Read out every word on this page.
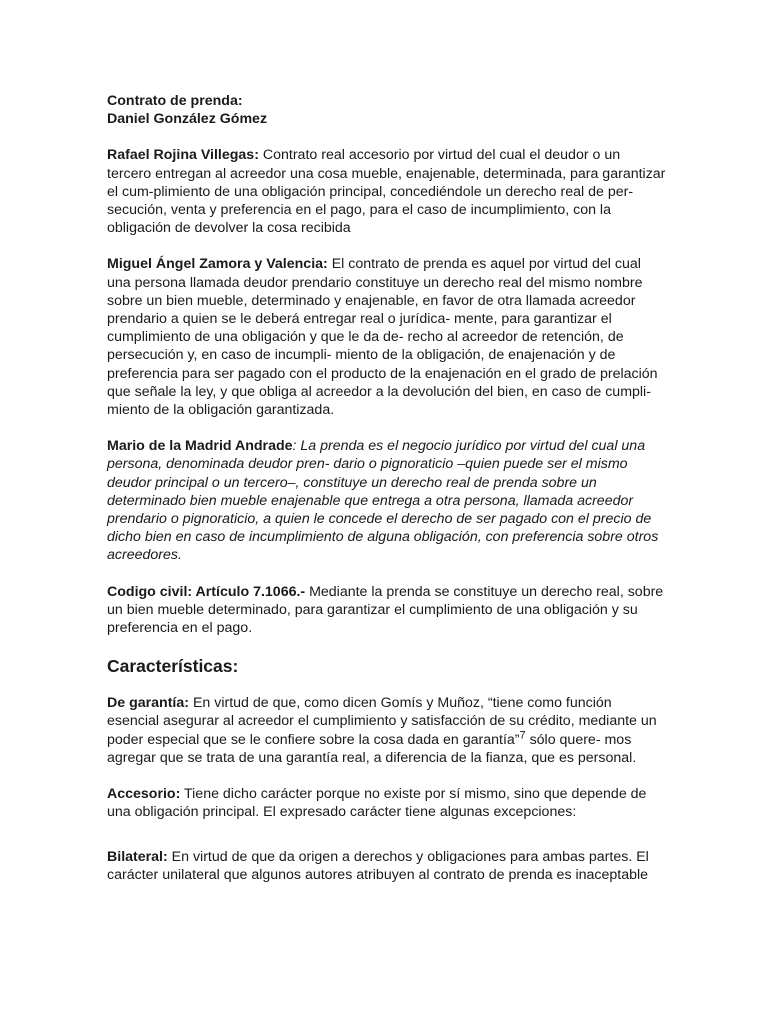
Contrato de prenda:
Daniel González Gómez

Rafael Rojina Villegas: Contrato real accesorio por virtud del cual el deudor o un tercero entregan al acreedor una cosa mueble, enajenable, determinada, para garantizar el cum-plimiento de una obligación principal, concediéndole un derecho real de per-secución, venta y preferencia en el pago, para el caso de incumplimiento, con la obligación de devolver la cosa recibida

Miguel Ángel Zamora y Valencia: El contrato de prenda es aquel por virtud del cual una persona llamada deudor prendario constituye un derecho real del mismo nombre sobre un bien mueble, determinado y enajenable, en favor de otra llamada acreedor prendario a quien se le deberá entregar real o jurídica- mente, para garantizar el cumplimiento de una obligación y que le da de- recho al acreedor de retención, de persecución y, en caso de incumpli- miento de la obligación, de enajenación y de preferencia para ser pagado con el producto de la enajenación en el grado de prelación que señale la ley, y que obliga al acreedor a la devolución del bien, en caso de cumpli- miento de la obligación garantizada.

Mario de la Madrid Andrade: La prenda es el negocio jurídico por virtud del cual una persona, denominada deudor pren- dario o pignoraticio –quien puede ser el mismo deudor principal o un tercero–, constituye un derecho real de prenda sobre un determinado bien mueble enajenable que entrega a otra persona, llamada acreedor prendario o pignoraticio, a quien le concede el derecho de ser pagado con el precio de dicho bien en caso de incumplimiento de alguna obligación, con preferencia sobre otros acreedores.

Codigo civil: Artículo 7.1066.- Mediante la prenda se constituye un derecho real, sobre un bien mueble determinado, para garantizar el cumplimiento de una obligación y su preferencia en el pago.

Características:

De garantía: En virtud de que, como dicen Gomís y Muñoz, “tiene como función esencial asegurar al acreedor el cumplimiento y satisfacción de su crédito, mediante un poder especial que se le confiere sobre la cosa dada en garantía”$^7$ sólo quere- mos agregar que se trata de una garantía real, a diferencia de la fianza, que es personal.

Accesorio: Tiene dicho carácter porque no existe por sí mismo, sino que depende de una obligación principal. El expresado carácter tiene algunas excepciones:

Bilateral: En virtud de que da origen a derechos y obligaciones para ambas partes. El carácter unilateral que algunos autores atribuyen al contrato de prenda es inaceptable
